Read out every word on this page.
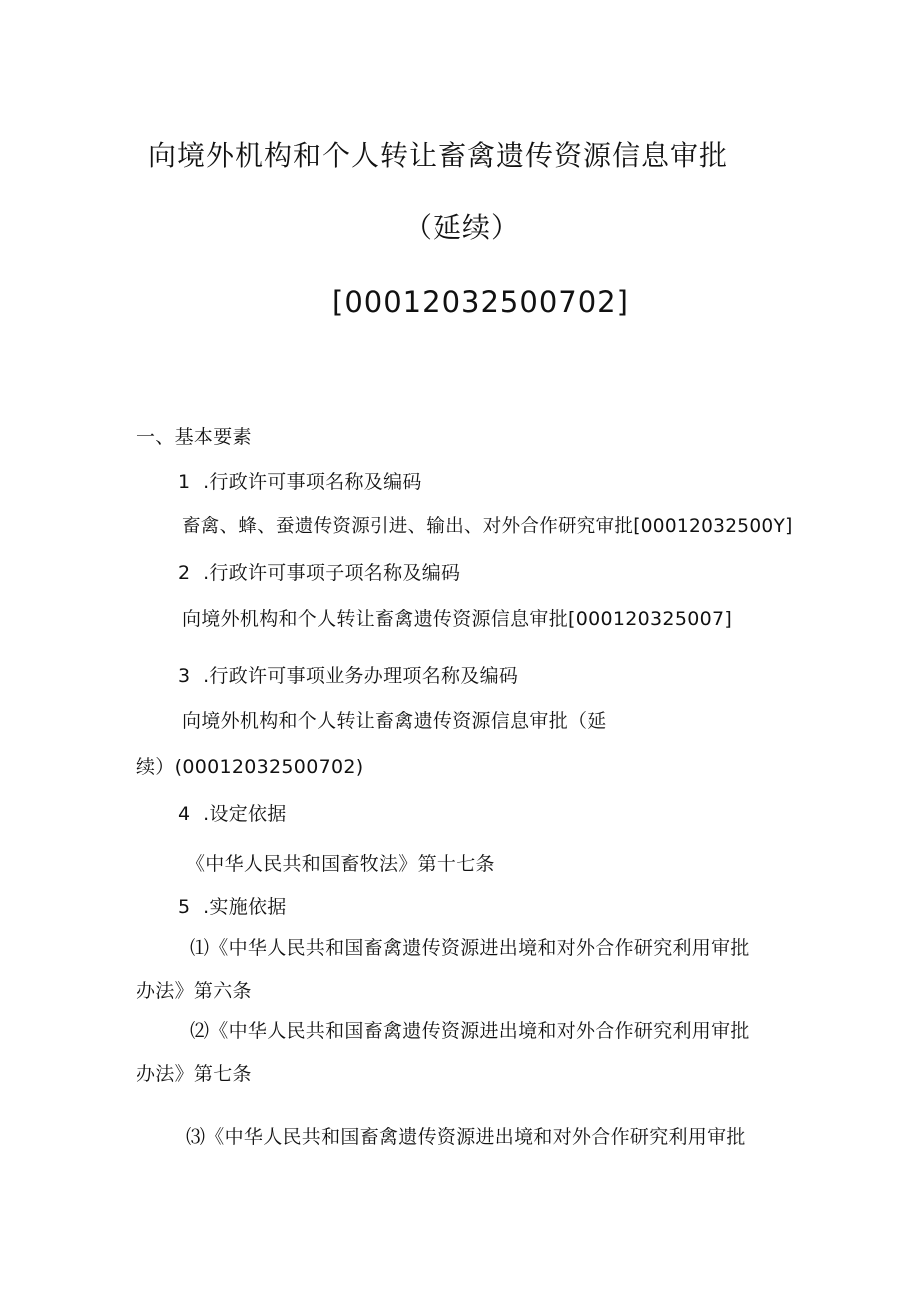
向境外机构和个人转让畜禽遗传资源信息审批

（延续）

[00012032500702]

一、基本要素

1  .行政许可事项名称及编码

畜禽、蜂、蚕遗传资源引进、输出、对外合作研究审批[00012032500Y]

2  .行政许可事项子项名称及编码

向境外机构和个人转让畜禽遗传资源信息审批[000120325007]

3  .行政许可事项业务办理项名称及编码

向境外机构和个人转让畜禽遗传资源信息审批（延

续）(00012032500702)

4  .设定依据

《中华人民共和国畜牧法》第十七条

5  .实施依据

⑴《中华人民共和国畜禽遗传资源进出境和对外合作研究利用审批

办法》第六条

⑵《中华人民共和国畜禽遗传资源进出境和对外合作研究利用审批

办法》第七条

⑶《中华人民共和国畜禽遗传资源进出境和对外合作研究利用审批
